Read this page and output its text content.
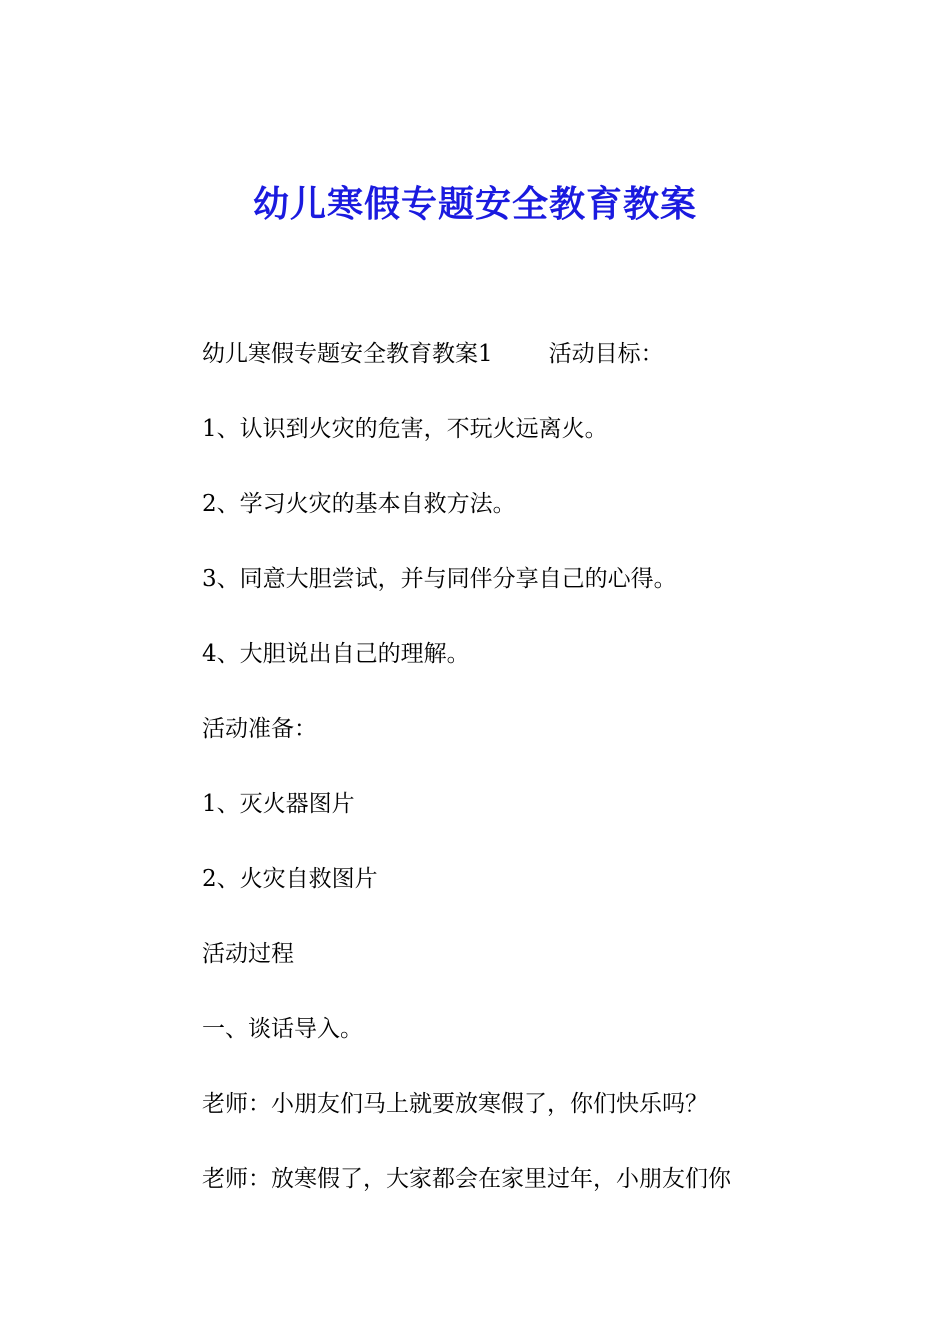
幼儿寒假专题安全教育教案

幼儿寒假专题安全教育教案1 活动目标：

1、认识到火灾的危害，不玩火远离火。

2、学习火灾的基本自救方法。

3、同意大胆尝试，并与同伴分享自己的心得。

4、大胆说出自己的理解。

活动准备：

1、灭火器图片

2、火灾自救图片

活动过程

一、谈话导入。

老师：小朋友们马上就要放寒假了，你们快乐吗？

老师：放寒假了，大家都会在家里过年，小朋友们你
